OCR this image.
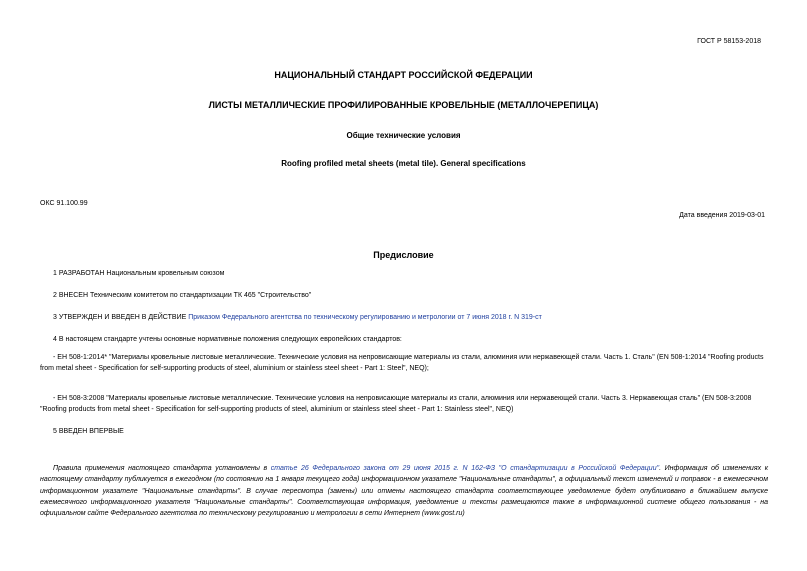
ГОСТ Р 58153-2018
НАЦИОНАЛЬНЫЙ СТАНДАРТ РОССИЙСКОЙ ФЕДЕРАЦИИ
ЛИСТЫ МЕТАЛЛИЧЕСКИЕ ПРОФИЛИРОВАННЫЕ КРОВЕЛЬНЫЕ (МЕТАЛЛОЧЕРЕПИЦА)
Общие технические условия
Roofing profiled metal sheets (metal tile). General specifications
ОКС 91.100.99
Дата введения 2019-03-01
Предисловие
1 РАЗРАБОТАН Национальным кровельным союзом
2 ВНЕСЕН Техническим комитетом по стандартизации ТК 465 "Строительство"
3 УТВЕРЖДЕН И ВВЕДЕН В ДЕЙСТВИЕ Приказом Федерального агентства по техническому регулированию и метрологии от 7 июня 2018 г. N 319-ст
4 В настоящем стандарте учтены основные нормативные положения следующих европейских стандартов:
- ЕН 508-1:2014* "Материалы кровельные листовые металлические. Технические условия на непровисающие материалы из стали, алюминия или нержавеющей стали. Часть 1. Сталь" (EN 508-1:2014 "Roofing products from metal sheet - Specification for self-supporting products of steel, aluminium or stainless steel sheet - Part 1: Steel", NEQ);
- ЕН 508-3:2008 "Материалы кровельные листовые металлические. Технические условия на непровисающие материалы из стали, алюминия или нержавеющей стали. Часть 3. Нержавеющая сталь" (EN 508-3:2008 "Roofing products from metal sheet - Specification for self-supporting products of steel, aluminium or stainless steel sheet - Part 1: Stainless steel", NEQ)
5 ВВЕДЕН ВПЕРВЫЕ
Правила применения настоящего стандарта установлены в статье 26 Федерального закона от 29 июня 2015 г. N 162-ФЗ "О стандартизации в Российской Федерации". Информация об изменениях к настоящему стандарту публикуется в ежегодном (по состоянию на 1 января текущего года) информационном указателе "Национальные стандарты", а официальный текст изменений и поправок - в ежемесячном информационном указателе "Национальные стандарты". В случае пересмотра (замены) или отмены настоящего стандарта соответствующее уведомление будет опубликовано в ближайшем выпуске ежемесячного информационного указателя "Национальные стандарты". Соответствующая информация, уведомление и тексты размещаются также в информационной системе общего пользования - на официальном сайте Федерального агентства по техническому регулированию и метрологии в сети Интернет (www.gost.ru)
